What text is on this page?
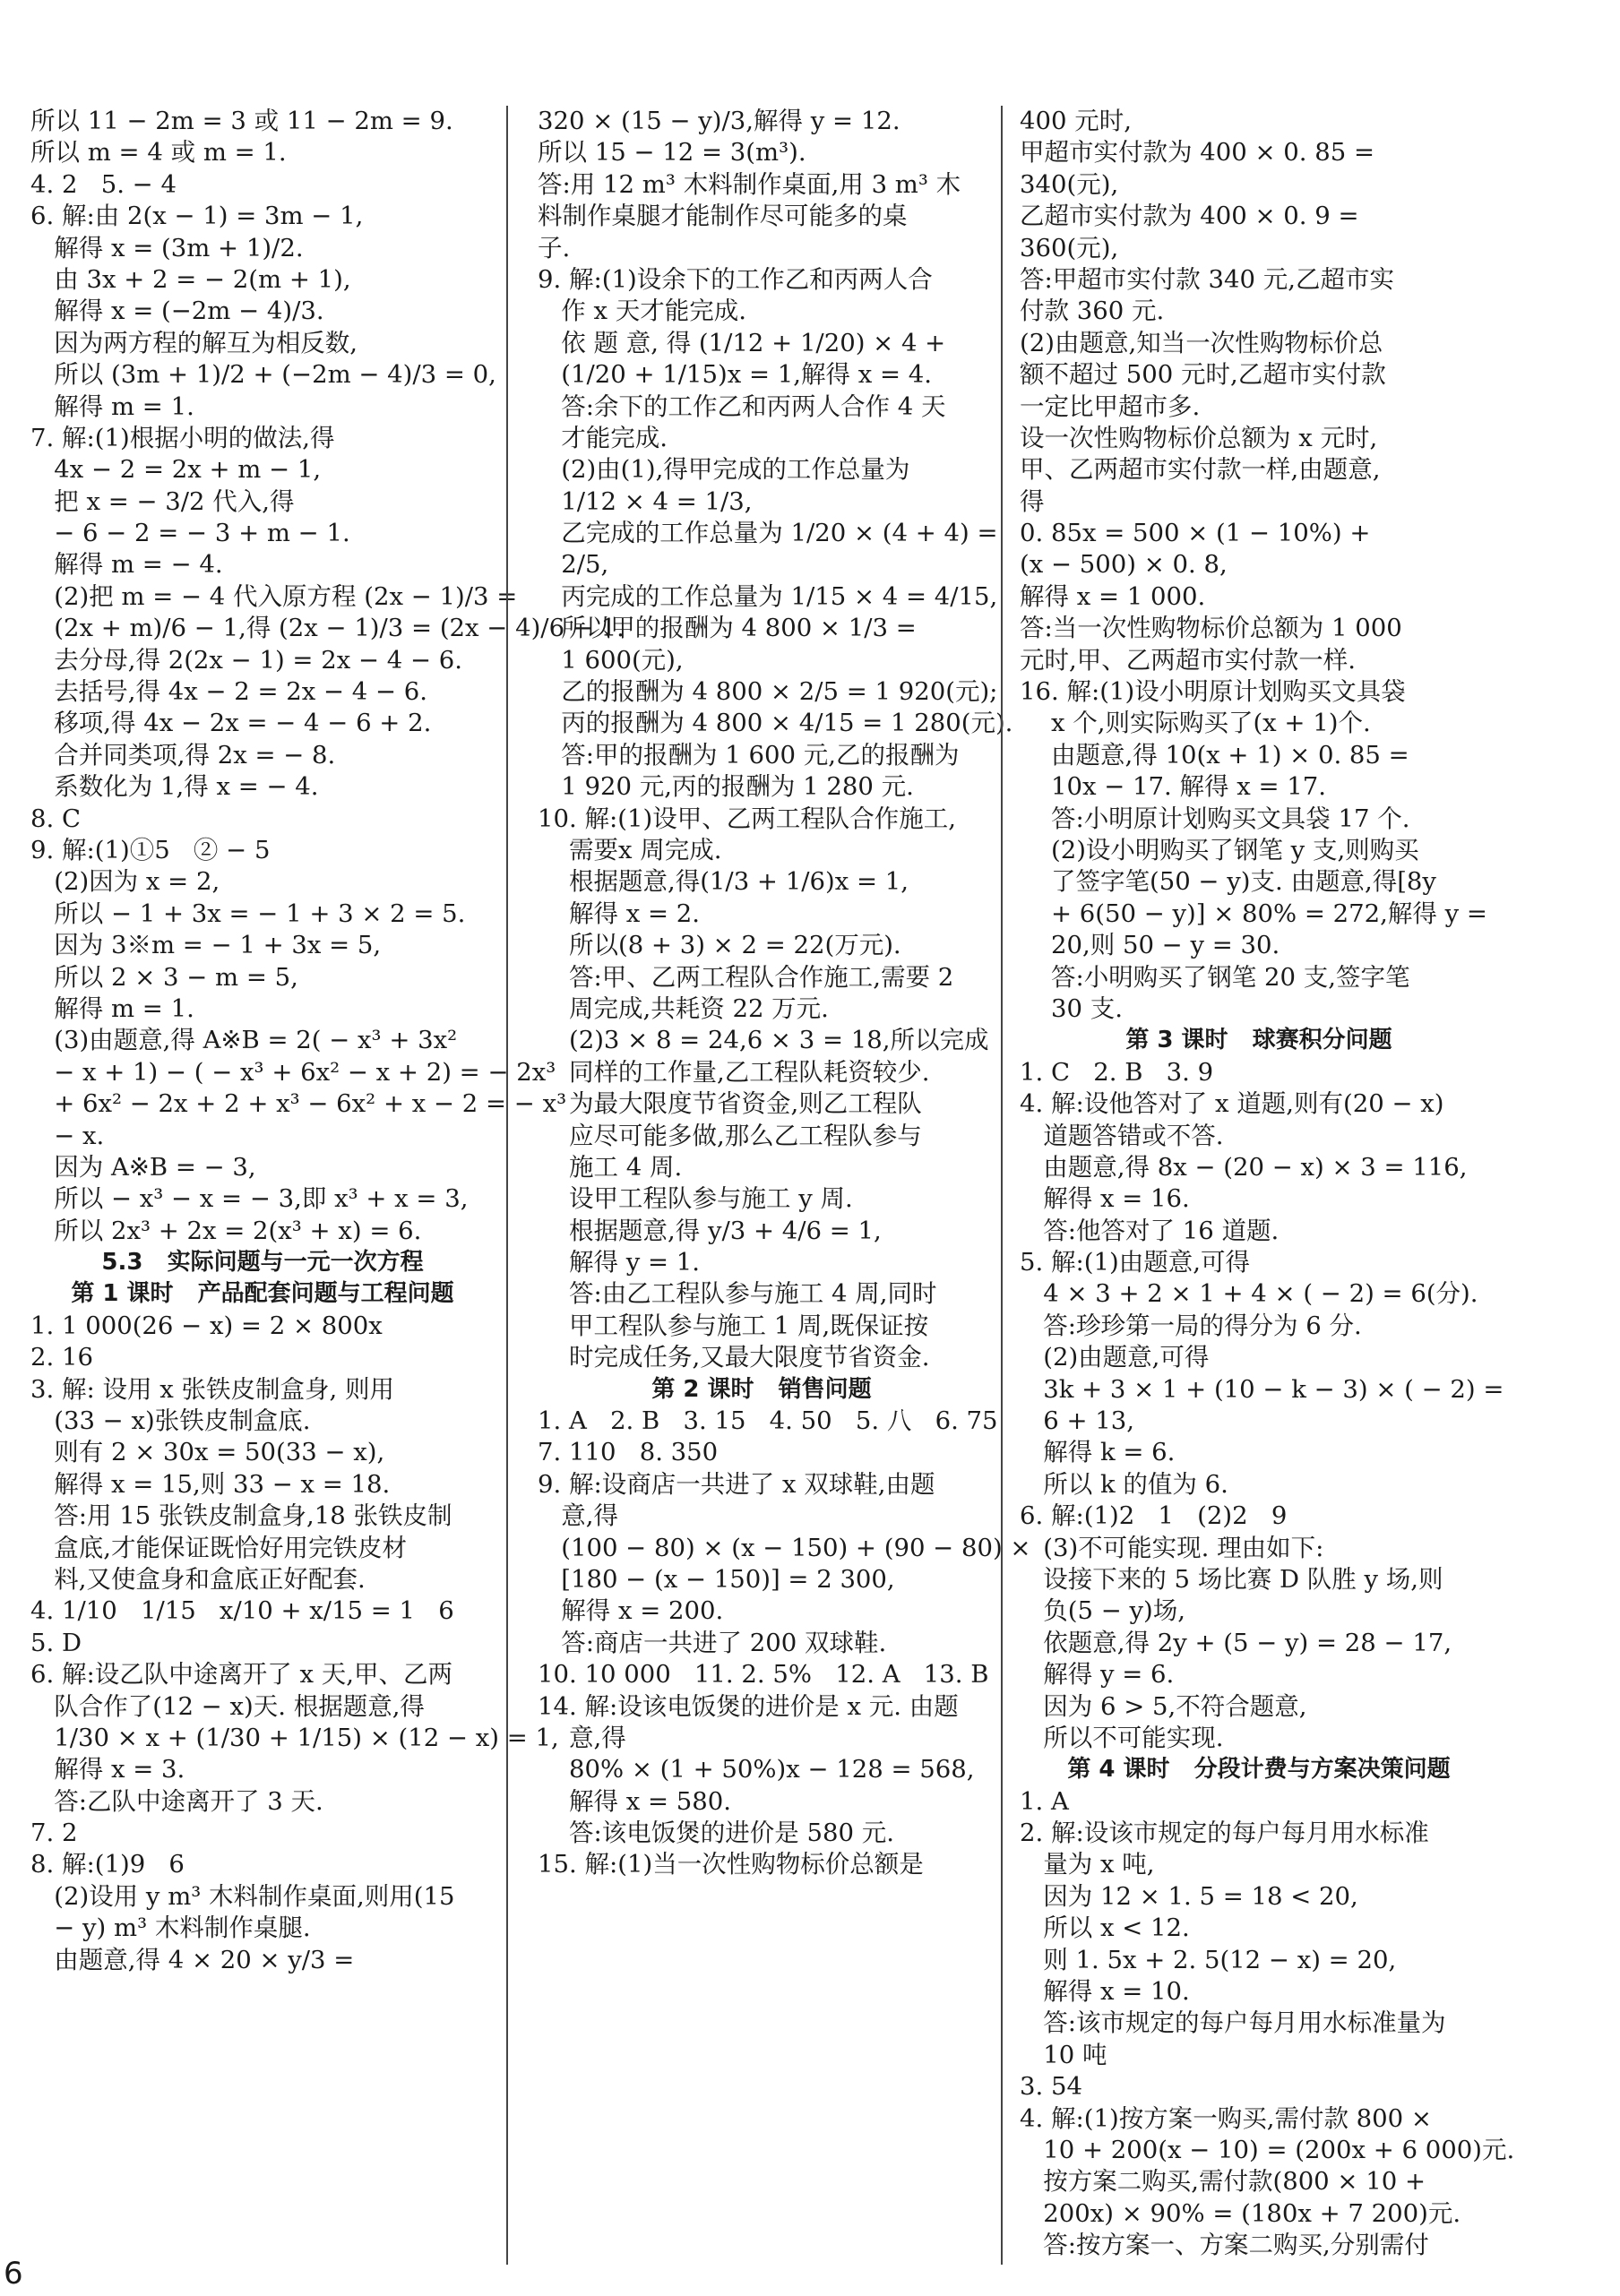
所以 11 − 2m = 3 或 11 − 2m = 9.
所以 m = 4 或 m = 1.
4. 2   5. − 4
6. 解:由 2(x − 1) = 3m − 1,
解得 x = (3m + 1)/2.
由 3x + 2 = − 2(m + 1),
解得 x = (−2m − 4)/3.
因为两方程的解互为相反数,
所以 (3m + 1)/2 + (−2m − 4)/3 = 0,
解得 m = 1.
7. 解:(1)根据小明的做法,得
4x − 2 = 2x + m − 1,
把 x = − 3/2 代入,得
− 6 − 2 = − 3 + m − 1.
解得 m = − 4.
(2)把 m = − 4 代入原方程 (2x − 1)/3 =
(2x + m)/6 − 1,得 (2x − 1)/3 = (2x − 4)/6 − 1.
去分母,得 2(2x − 1) = 2x − 4 − 6.
去括号,得 4x − 2 = 2x − 4 − 6.
移项,得 4x − 2x = − 4 − 6 + 2.
合并同类项,得 2x = − 8.
系数化为 1,得 x = − 4.
8. C
9. 解:(1)①5   ② − 5
(2)因为 x = 2,
所以 − 1 + 3x = − 1 + 3 × 2 = 5.
因为 3※m = − 1 + 3x = 5,
所以 2 × 3 − m = 5,
解得 m = 1.
(3)由题意,得 A※B = 2( − x³ + 3x²
− x + 1) − ( − x³ + 6x² − x + 2) = − 2x³
+ 6x² − 2x + 2 + x³ − 6x² + x − 2 = − x³
− x.
因为 A※B = − 3,
所以 − x³ − x = − 3,即 x³ + x = 3,
所以 2x³ + 2x = 2(x³ + x) = 6.
5.3   实际问题与一元一次方程
第 1 课时   产品配套问题与工程问题
1. 1 000(26 − x) = 2 × 800x
2. 16
3. 解: 设用 x 张铁皮制盒身, 则用
(33 − x)张铁皮制盒底.
则有 2 × 30x = 50(33 − x),
解得 x = 15,则 33 − x = 18.
答:用 15 张铁皮制盒身,18 张铁皮制
盒底,才能保证既恰好用完铁皮材
料,又使盒身和盒底正好配套.
4. 1/10   1/15   x/10 + x/15 = 1   6
5. D
6. 解:设乙队中途离开了 x 天,甲、乙两
队合作了(12 − x)天. 根据题意,得
1/30 × x + (1/30 + 1/15) × (12 − x) = 1,
解得 x = 3.
答:乙队中途离开了 3 天.
7. 2
8. 解:(1)9   6
(2)设用 y m³ 木料制作桌面,则用(15
− y) m³ 木料制作桌腿.
由题意,得 4 × 20 × y/3 =
320 × (15 − y)/3,解得 y = 12.
所以 15 − 12 = 3(m³).
答:用 12 m³ 木料制作桌面,用 3 m³ 木
料制作桌腿才能制作尽可能多的桌
子.
9. 解:(1)设余下的工作乙和丙两人合
作 x 天才能完成.
依 题 意, 得 (1/12 + 1/20) × 4 +
(1/20 + 1/15)x = 1,解得 x = 4.
答:余下的工作乙和丙两人合作 4 天
才能完成.
(2)由(1),得甲完成的工作总量为
1/12 × 4 = 1/3,
乙完成的工作总量为 1/20 × (4 + 4) =
2/5,
丙完成的工作总量为 1/15 × 4 = 4/15,
所以甲的报酬为 4 800 × 1/3 =
1 600(元),
乙的报酬为 4 800 × 2/5 = 1 920(元);
丙的报酬为 4 800 × 4/15 = 1 280(元).
答:甲的报酬为 1 600 元,乙的报酬为
1 920 元,丙的报酬为 1 280 元.
10. 解:(1)设甲、乙两工程队合作施工,
需要x 周完成.
根据题意,得(1/3 + 1/6)x = 1,
解得 x = 2.
所以(8 + 3) × 2 = 22(万元).
答:甲、乙两工程队合作施工,需要 2
周完成,共耗资 22 万元.
(2)3 × 8 = 24,6 × 3 = 18,所以完成
同样的工作量,乙工程队耗资较少.
为最大限度节省资金,则乙工程队
应尽可能多做,那么乙工程队参与
施工 4 周.
设甲工程队参与施工 y 周.
根据题意,得 y/3 + 4/6 = 1,
解得 y = 1.
答:由乙工程队参与施工 4 周,同时
甲工程队参与施工 1 周,既保证按
时完成任务,又最大限度节省资金.
第 2 课时   销售问题
1. A   2. B   3. 15   4. 50   5. 八   6. 75
7. 110   8. 350
9. 解:设商店一共进了 x 双球鞋,由题
意,得
(100 − 80) × (x − 150) + (90 − 80) ×
[180 − (x − 150)] = 2 300,
解得 x = 200.
答:商店一共进了 200 双球鞋.
10. 10 000   11. 2. 5%   12. A   13. B
14. 解:设该电饭煲的进价是 x 元. 由题
意,得
80% × (1 + 50%)x − 128 = 568,
解得 x = 580.
答:该电饭煲的进价是 580 元.
15. 解:(1)当一次性购物标价总额是
400 元时,
甲超市实付款为 400 × 0. 85 =
340(元),
乙超市实付款为 400 × 0. 9 =
360(元),
答:甲超市实付款 340 元,乙超市实
付款 360 元.
(2)由题意,知当一次性购物标价总
额不超过 500 元时,乙超市实付款
一定比甲超市多.
设一次性购物标价总额为 x 元时,
甲、乙两超市实付款一样,由题意,
得
0. 85x = 500 × (1 − 10%) +
(x − 500) × 0. 8,
解得 x = 1 000.
答:当一次性购物标价总额为 1 000
元时,甲、乙两超市实付款一样.
16. 解:(1)设小明原计划购买文具袋
x 个,则实际购买了(x + 1)个.
由题意,得 10(x + 1) × 0. 85 =
10x − 17. 解得 x = 17.
答:小明原计划购买文具袋 17 个.
(2)设小明购买了钢笔 y 支,则购买
了签字笔(50 − y)支. 由题意,得[8y
+ 6(50 − y)] × 80% = 272,解得 y =
20,则 50 − y = 30.
答:小明购买了钢笔 20 支,签字笔
30 支.
第 3 课时   球赛积分问题
1. C   2. B   3. 9
4. 解:设他答对了 x 道题,则有(20 − x)
道题答错或不答.
由题意,得 8x − (20 − x) × 3 = 116,
解得 x = 16.
答:他答对了 16 道题.
5. 解:(1)由题意,可得
4 × 3 + 2 × 1 + 4 × ( − 2) = 6(分).
答:珍珍第一局的得分为 6 分.
(2)由题意,可得
3k + 3 × 1 + (10 − k − 3) × ( − 2) =
6 + 13,
解得 k = 6.
所以 k 的值为 6.
6. 解:(1)2   1   (2)2   9
(3)不可能实现. 理由如下:
设接下来的 5 场比赛 D 队胜 y 场,则
负(5 − y)场,
依题意,得 2y + (5 − y) = 28 − 17,
解得 y = 6.
因为 6 > 5,不符合题意,
所以不可能实现.
第 4 课时   分段计费与方案决策问题
1. A
2. 解:设该市规定的每户每月用水标准
量为 x 吨,
因为 12 × 1. 5 = 18 < 20,
所以 x < 12.
则 1. 5x + 2. 5(12 − x) = 20,
解得 x = 10.
答:该市规定的每户每月用水标准量为
10 吨
3. 54
4. 解:(1)按方案一购买,需付款 800 ×
10 + 200(x − 10) = (200x + 6 000)元.
按方案二购买,需付款(800 × 10 +
200x) × 90% = (180x + 7 200)元.
答:按方案一、方案二购买,分别需付
6
